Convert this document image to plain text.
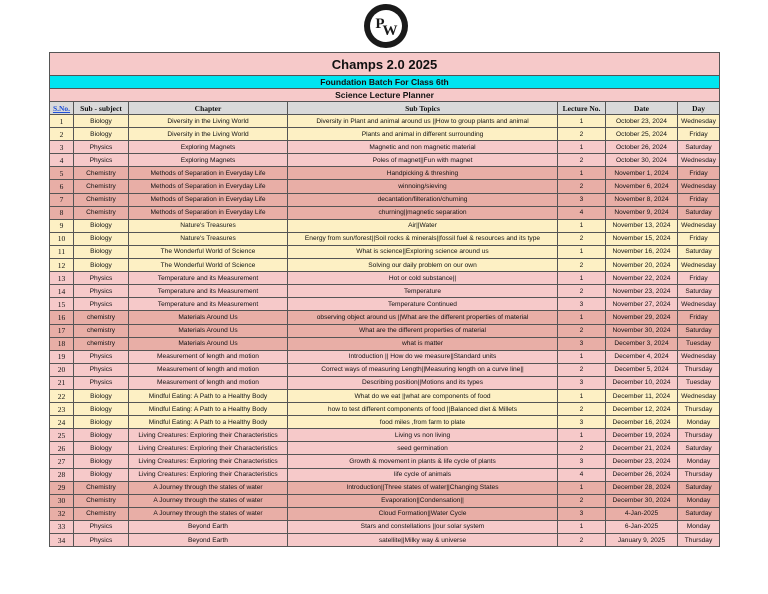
P
W
Champs 2.0 2025						
Foundation Batch For Class 6th						
Science Lecture Planner						
S.No.	Sub - subject	Chapter	Sub Topics	Lecture No.	Date	Day
1	Biology	Diversity in the Living World	Diversity in Plant and animal around us ||How to group plants and animal	1	October 23, 2024	Wednesday
2	Biology	Diversity in the Living World	Plants and animal in different surrounding	2	October 25, 2024	Friday
3	Physics	Exploring Magnets	Magnetic and non magnetic material	1	October 26, 2024	Saturday
4	Physics	Exploring Magnets	Poles of magnet||Fun with magnet	2	October 30, 2024	Wednesday
5	Chemistry	Methods of Separation in Everyday Life	Handpicking & threshing	1	November 1, 2024	Friday
6	Chemistry	Methods of Separation in Everyday Life	winnoing/sieving	2	November 6, 2024	Wednesday
7	Chemistry	Methods of Separation in Everyday Life	decantation/filteration/churning	3	November 8, 2024	Friday
8	Chemistry	Methods of Separation in Everyday Life	churning||magnetic separation	4	November 9, 2024	Saturday
9	Biology	Nature's Treasures	Air||Water	1	November 13, 2024	Wednesday
10	Biology	Nature's Treasures	Energy from sun/forest||Soil rocks & minerals||fossil fuel & resources and its type	2	November 15, 2024	Friday
11	Biology	The Wonderful World of Science	What is science||Exploring science around us	1	November 16, 2024	Saturday
12	Biology	The Wonderful World of Science	Solving our daily problem on our own	2	November 20, 2024	Wednesday
13	Physics	Temperature and its Measurement	Hot or cold substance||	1	November 22, 2024	Friday
14	Physics	Temperature and its Measurement	Temperature	2	November 23, 2024	Saturday
15	Physics	Temperature and its Measurement	Temperature Continued	3	November 27, 2024	Wednesday
16	chemistry	Materials Around Us	observing object around us ||What are the different properties of material	1	November 29, 2024	Friday
17	chemistry	Materials Around Us	What are the different properties of material	2	November 30, 2024	Saturday
18	chemistry	Materials Around Us	what is matter	3	December 3, 2024	Tuesday
19	Physics	Measurement of length and motion	Introduction || How do we measure||Standard units	1	December 4, 2024	Wednesday
20	Physics	Measurement of length and motion	Correct ways of measuring Length||Measuring length on a curve line||	2	December 5, 2024	Thursday
21	Physics	Measurement of length and motion	Describing position||Motions and its types	3	December 10, 2024	Tuesday
22	Biology	Mindful Eating: A Path to a Healthy Body	What do we eat ||what are components of food	1	December 11, 2024	Wednesday
23	Biology	Mindful Eating: A Path to a Healthy Body	how to test different components of food ||Balanced diet & Millets	2	December 12, 2024	Thursday
24	Biology	Mindful Eating: A Path to a Healthy Body	food miles ,from farm to plate	3	December 16, 2024	Monday
25	Biology	Living Creatures: Exploring their Characteristics	Living vs non living	1	December 19, 2024	Thursday
26	Biology	Living Creatures: Exploring their Characteristics	seed germination	2	December 21, 2024	Saturday
27	Biology	Living Creatures: Exploring their Characteristics	Growth & movement in plants & life cycle of plants	3	December 23, 2024	Monday
28	Biology	Living Creatures: Exploring their Characteristics	life cycle of animals	4	December 26, 2024	Thursday
29	Chemistry	A Journey through the states of water	Introduction||Three states of water||Changing States	1	December 28, 2024	Saturday
30	Chemistry	A Journey through the states of water	Evaporation||Condensation||	2	December 30, 2024	Monday
32	Chemistry	A Journey through the states of water	Cloud Formation||Water Cycle	3	4-Jan-2025	Saturday
33	Physics	Beyond Earth	Stars and constellations ||our solar system	1	6-Jan-2025	Monday
34	Physics	Beyond Earth	satellite||Milky way & universe	2	January 9, 2025	Thursday
